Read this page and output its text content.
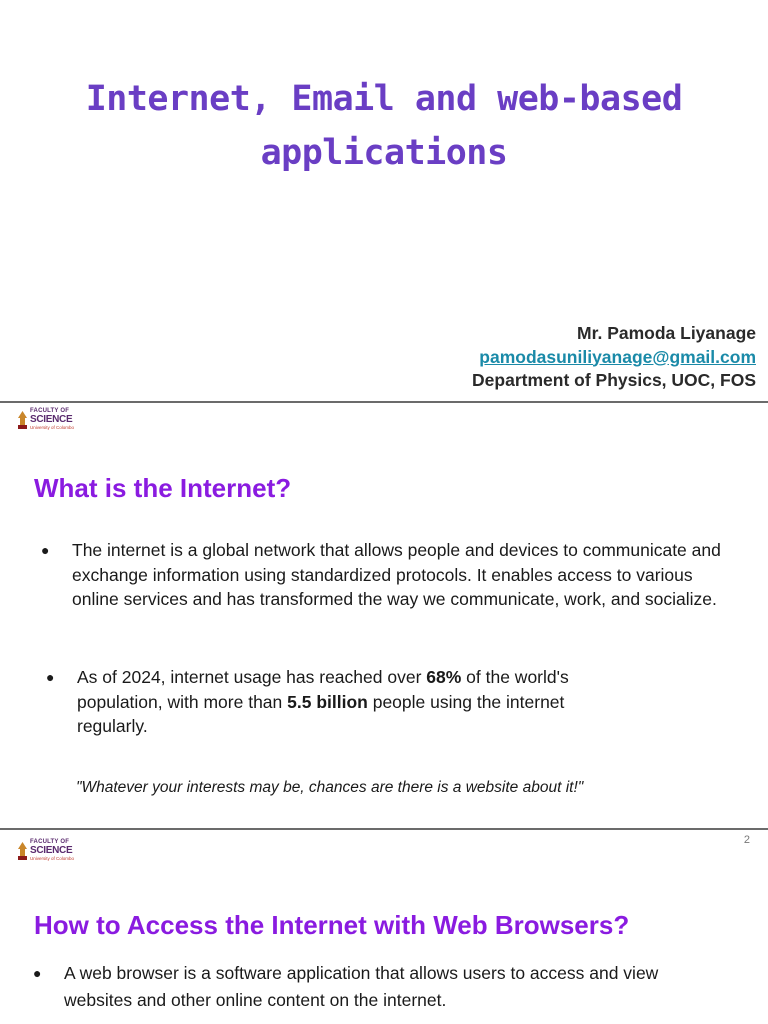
Internet, Email and web-based
applications
Mr. Pamoda Liyanage
pamodasuniliyanage@gmail.com
Department of Physics, UOC, FOS
FACULTY OF
SCIENCE
University of Colombo
What is the Internet?
● The internet is a global network that allows people and devices to communicate and exchange information using standardized protocols. It enables access to various online services and has transformed the way we communicate, work, and socialize.
● As of 2024, internet usage has reached over 68% of the world's population, with more than 5.5 billion people using the internet regularly.

"Whatever your interests may be, chances are there is a website about it!"

2
FACULTY OF
SCIENCE
University of Colombo
How to Access the Internet with Web Browsers?
● A web browser is a software application that allows users to access and view websites and other online content on the internet.
